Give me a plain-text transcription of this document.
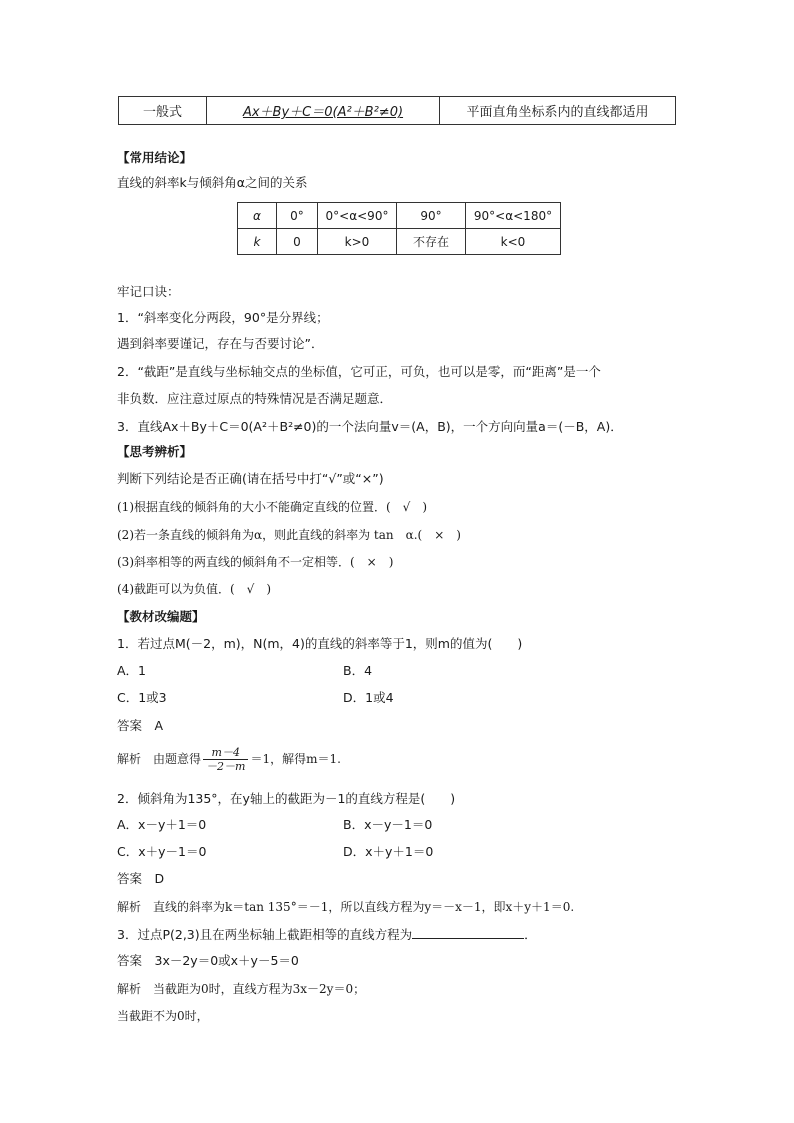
一般式	Ax＋By＋C＝0(A²＋B²≠0)	平面直角坐标系内的直线都适用
【常用结论】
直线的斜率k与倾斜角α之间的关系
α	0°	0°<α<90°	90°	90°<α<180°
k	0	k>0	不存在	k<0
牢记口诀：
1．“斜率变化分两段，90°是分界线；
遇到斜率要谨记，存在与否要讨论”．
2．“截距”是直线与坐标轴交点的坐标值，它可正，可负，也可以是零，而“距离”是一个
非负数．应注意过原点的特殊情况是否满足题意．
3．直线Ax＋By＋C＝0(A²＋B²≠0)的一个法向量v＝(A，B)，一个方向向量a＝(－B，A)．
【思考辨析】
判断下列结论是否正确(请在括号中打“√”或“×”)
(1)根据直线的倾斜角的大小不能确定直线的位置．(　√　)
(2)若一条直线的倾斜角为α，则此直线的斜率为 tan　α.(　×　)
(3)斜率相等的两直线的倾斜角不一定相等．(　×　)
(4)截距可以为负值．(　√　)
【教材改编题】
1．若过点M(－2，m)，N(m，4)的直线的斜率等于1，则m的值为(　　)
A．1	B．4
C．1或3	D．1或4
答案　A
解析　由题意得 $\frac{m-4}{-2-m} =1$，解得m＝1.
2．倾斜角为135°，在y轴上的截距为－1的直线方程是(　　)
A．x－y＋1＝0	B．x－y－1＝0
C．x＋y－1＝0	D．x＋y＋1＝0
答案　D
解析　直线的斜率为k＝tan 135°＝－1，所以直线方程为y＝－x－1，即x＋y＋1＝0.
3．过点P(2,3)且在两坐标轴上截距相等的直线方程为	．
答案　3x－2y＝0或x＋y－5＝0
解析　当截距为0时，直线方程为3x－2y＝0；
当截距不为0时，
